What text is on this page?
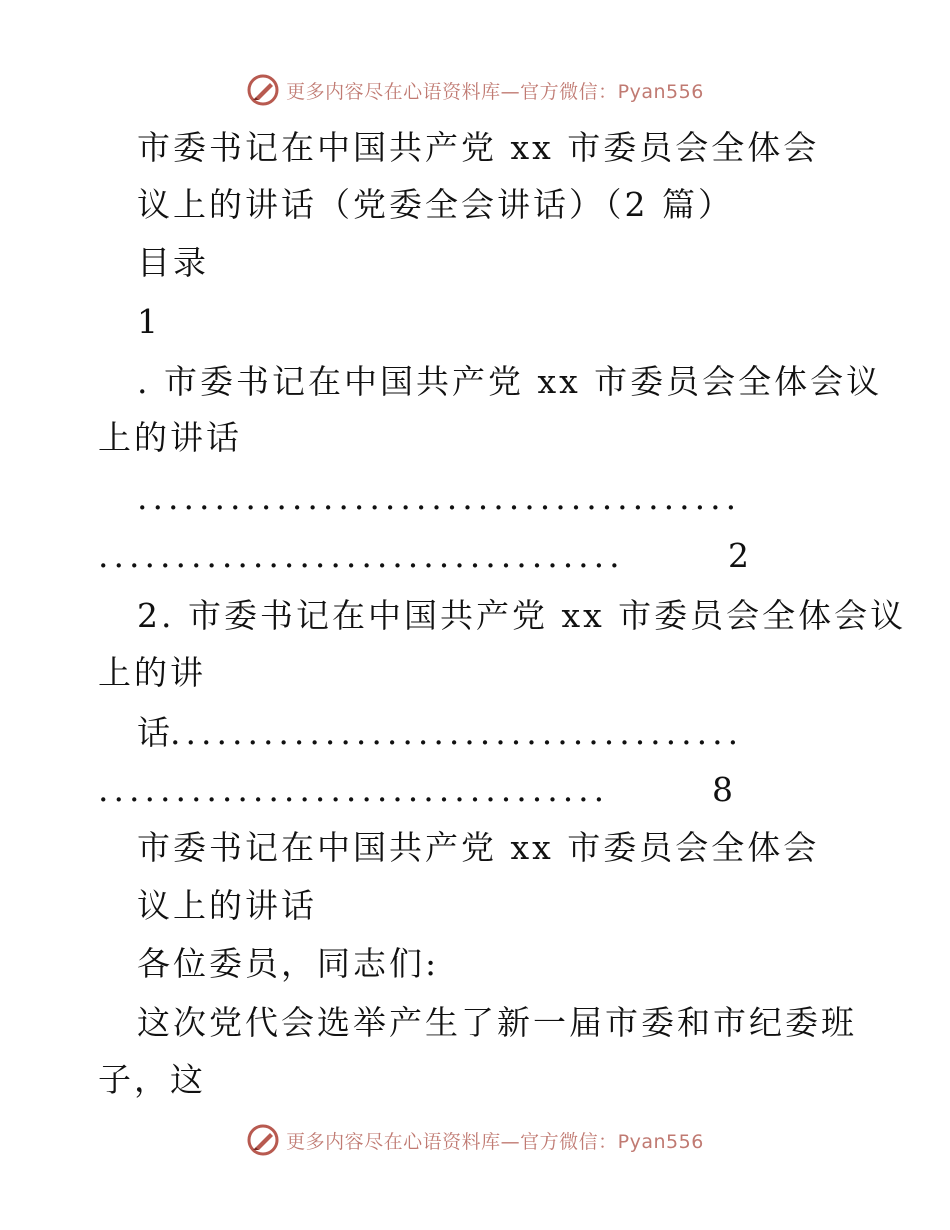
更多内容尽在心语资料库—官方微信：Pyan556
市委书记在中国共产党 xx 市委员会全体会
议上的讲话（党委全会讲话）（2 篇）
目录
1
. 市委书记在中国共产党 xx 市委员会全体会议
上的讲话
.......................................
..................................	2
2. 市委书记在中国共产党 xx 市委员会全体会议
上的讲
话
.....................................
.................................	8
市委书记在中国共产党 xx 市委员会全体会
议上的讲话
各位委员，同志们:
这次党代会选举产生了新一届市委和市纪委班
子，这
更多内容尽在心语资料库—官方微信：Pyan556
